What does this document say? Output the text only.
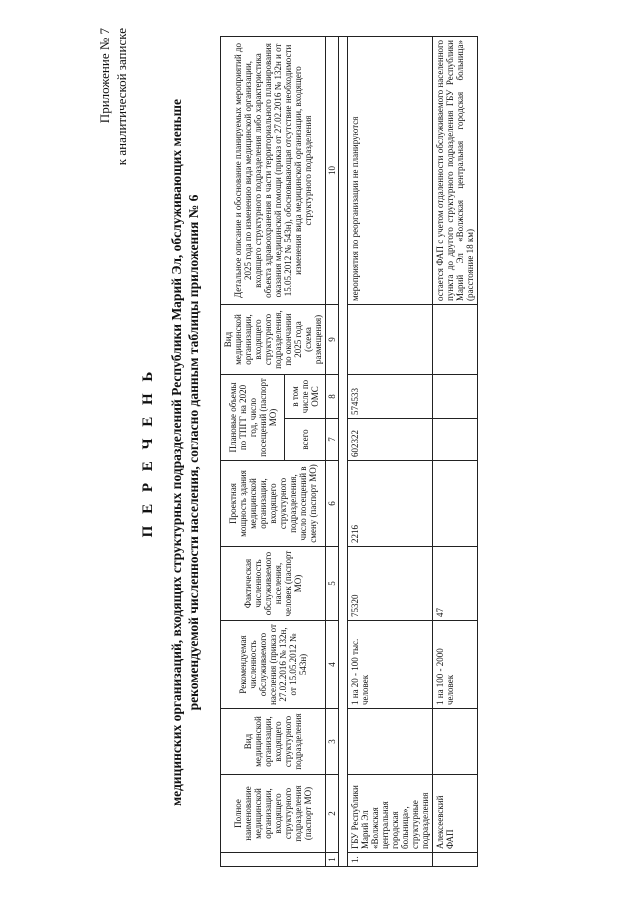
Приложение № 7 к аналитической записке
П Е Р Е Ч Е Н Ь медицинских организаций, входящих структурных подразделений Республики Марий Эл, обслуживающих меньше рекомендуемой численности населения, согласно данным таблицы приложения № 6
	Полное наименование медицинской организации, входящего структурного подразделения (паспорт МО)	Вид медицинской организации, входящего структурного подразделения	Рекомендуемая численность обслуживаемого населения (приказ от 27.02.2016 № 132н, от 15.05.2012 № 543н)	Фактическая численность обслуживаемого населения, человек (паспорт МО)	Проектная мощность здания медицинской организации, входящего структурного подразделения, число посещений в смену (паспорт МО)	Плановые объемы по ТПГГ на 2020 год, число посещений (паспорт МО)		Вид медицинской организации, входящего структурного подразделения, по окончании 2025 года (схема размещения)	Детальное описание и обоснование планируемых мероприятий до 2025 года по изменению вида медицинской организации, входящего структурного подразделения либо характеристика объекта здравоохранения в части территориального планирования оказания медицинской помощи (приказ от 27.02.2016 № 132н и от 15.05.2012 № 543н), обосновывающая отсутствие необходимости изменения вида медицинской организации, входящего структурного подразделения
						всего	в том числе по ОМС		
1	2	3	4	5	6	7	8	9	10

1.	ГБУ Республики Марий Эл «Волжская центральная городская больница», структурные подразделения		1 на 20 - 100 тыс. человек	75320	2216	602322	574533		мероприятия по реорганизации не планируются
	Алексеевский ФАП		1 на 100 - 2000 человек	47					остается ФАП с учетом отдаленности обслуживаемого населенного пункта до другого структурного подразделения ГБУ Республики Марий Эл «Волжская центральная городская больница» (расстояние 18 км)
